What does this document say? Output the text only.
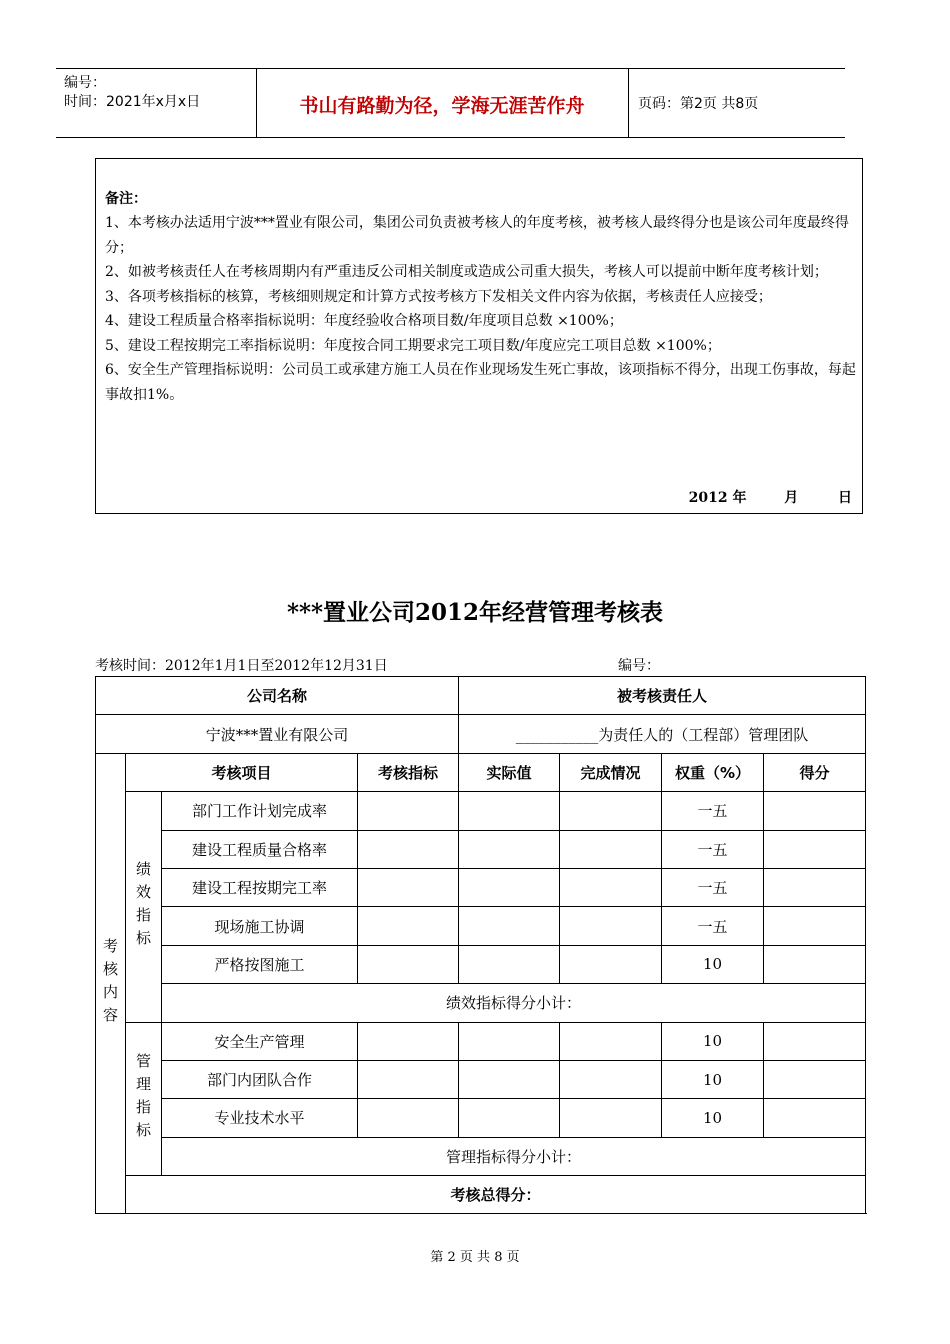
编号：
时间：2021年x月x日	书山有路勤为径，学海无涯苦作舟	页码：第2页 共8页
备注：

1、本考核办法适用宁波***置业有限公司，集团公司负责被考核人的年度考核，被考核人最终得分也是该公司年度最终得分；

2、如被考核责任人在考核周期内有严重违反公司相关制度或造成公司重大损失，考核人可以提前中断年度考核计划；

3、各项考核指标的核算，考核细则规定和计算方式按考核方下发相关文件内容为依据，考核责任人应接受；

4、建设工程质量合格率指标说明：年度经验收合格项目数/年度项目总数 ×100%；

5、建设工程按期完工率指标说明：年度按合同工期要求完工项目数/年度应完工项目总数 ×100%；

6、安全生产管理指标说明：公司员工或承建方施工人员在作业现场发生死亡事故，该项指标不得分，出现工伤事故，每起事故扣1%。

2012 年	月	日
***置业公司2012年经营管理考核表
考核时间：2012年1月1日至2012年12月31日	编号：
公司名称				被考核责任人			
宁波***置业有限公司				___________为责任人的（工程部）管理团队			

考核内容	考核项目		考核指标	实际值	完成情况	权重（%）	得分

	绩效指标	部门工作计划完成率				一五	
		建设工程质量合格率				一五	
		建设工程按期完工率				一五	
		现场施工协调				一五	
		严格按图施工				10	
		绩效指标得分小计：					

	管理指标	安全生产管理				10	
		部门内团队合作				10	
		专业技术水平				10	
		管理指标得分小计：					
	考核总得分：						
第 2 页 共 8 页
